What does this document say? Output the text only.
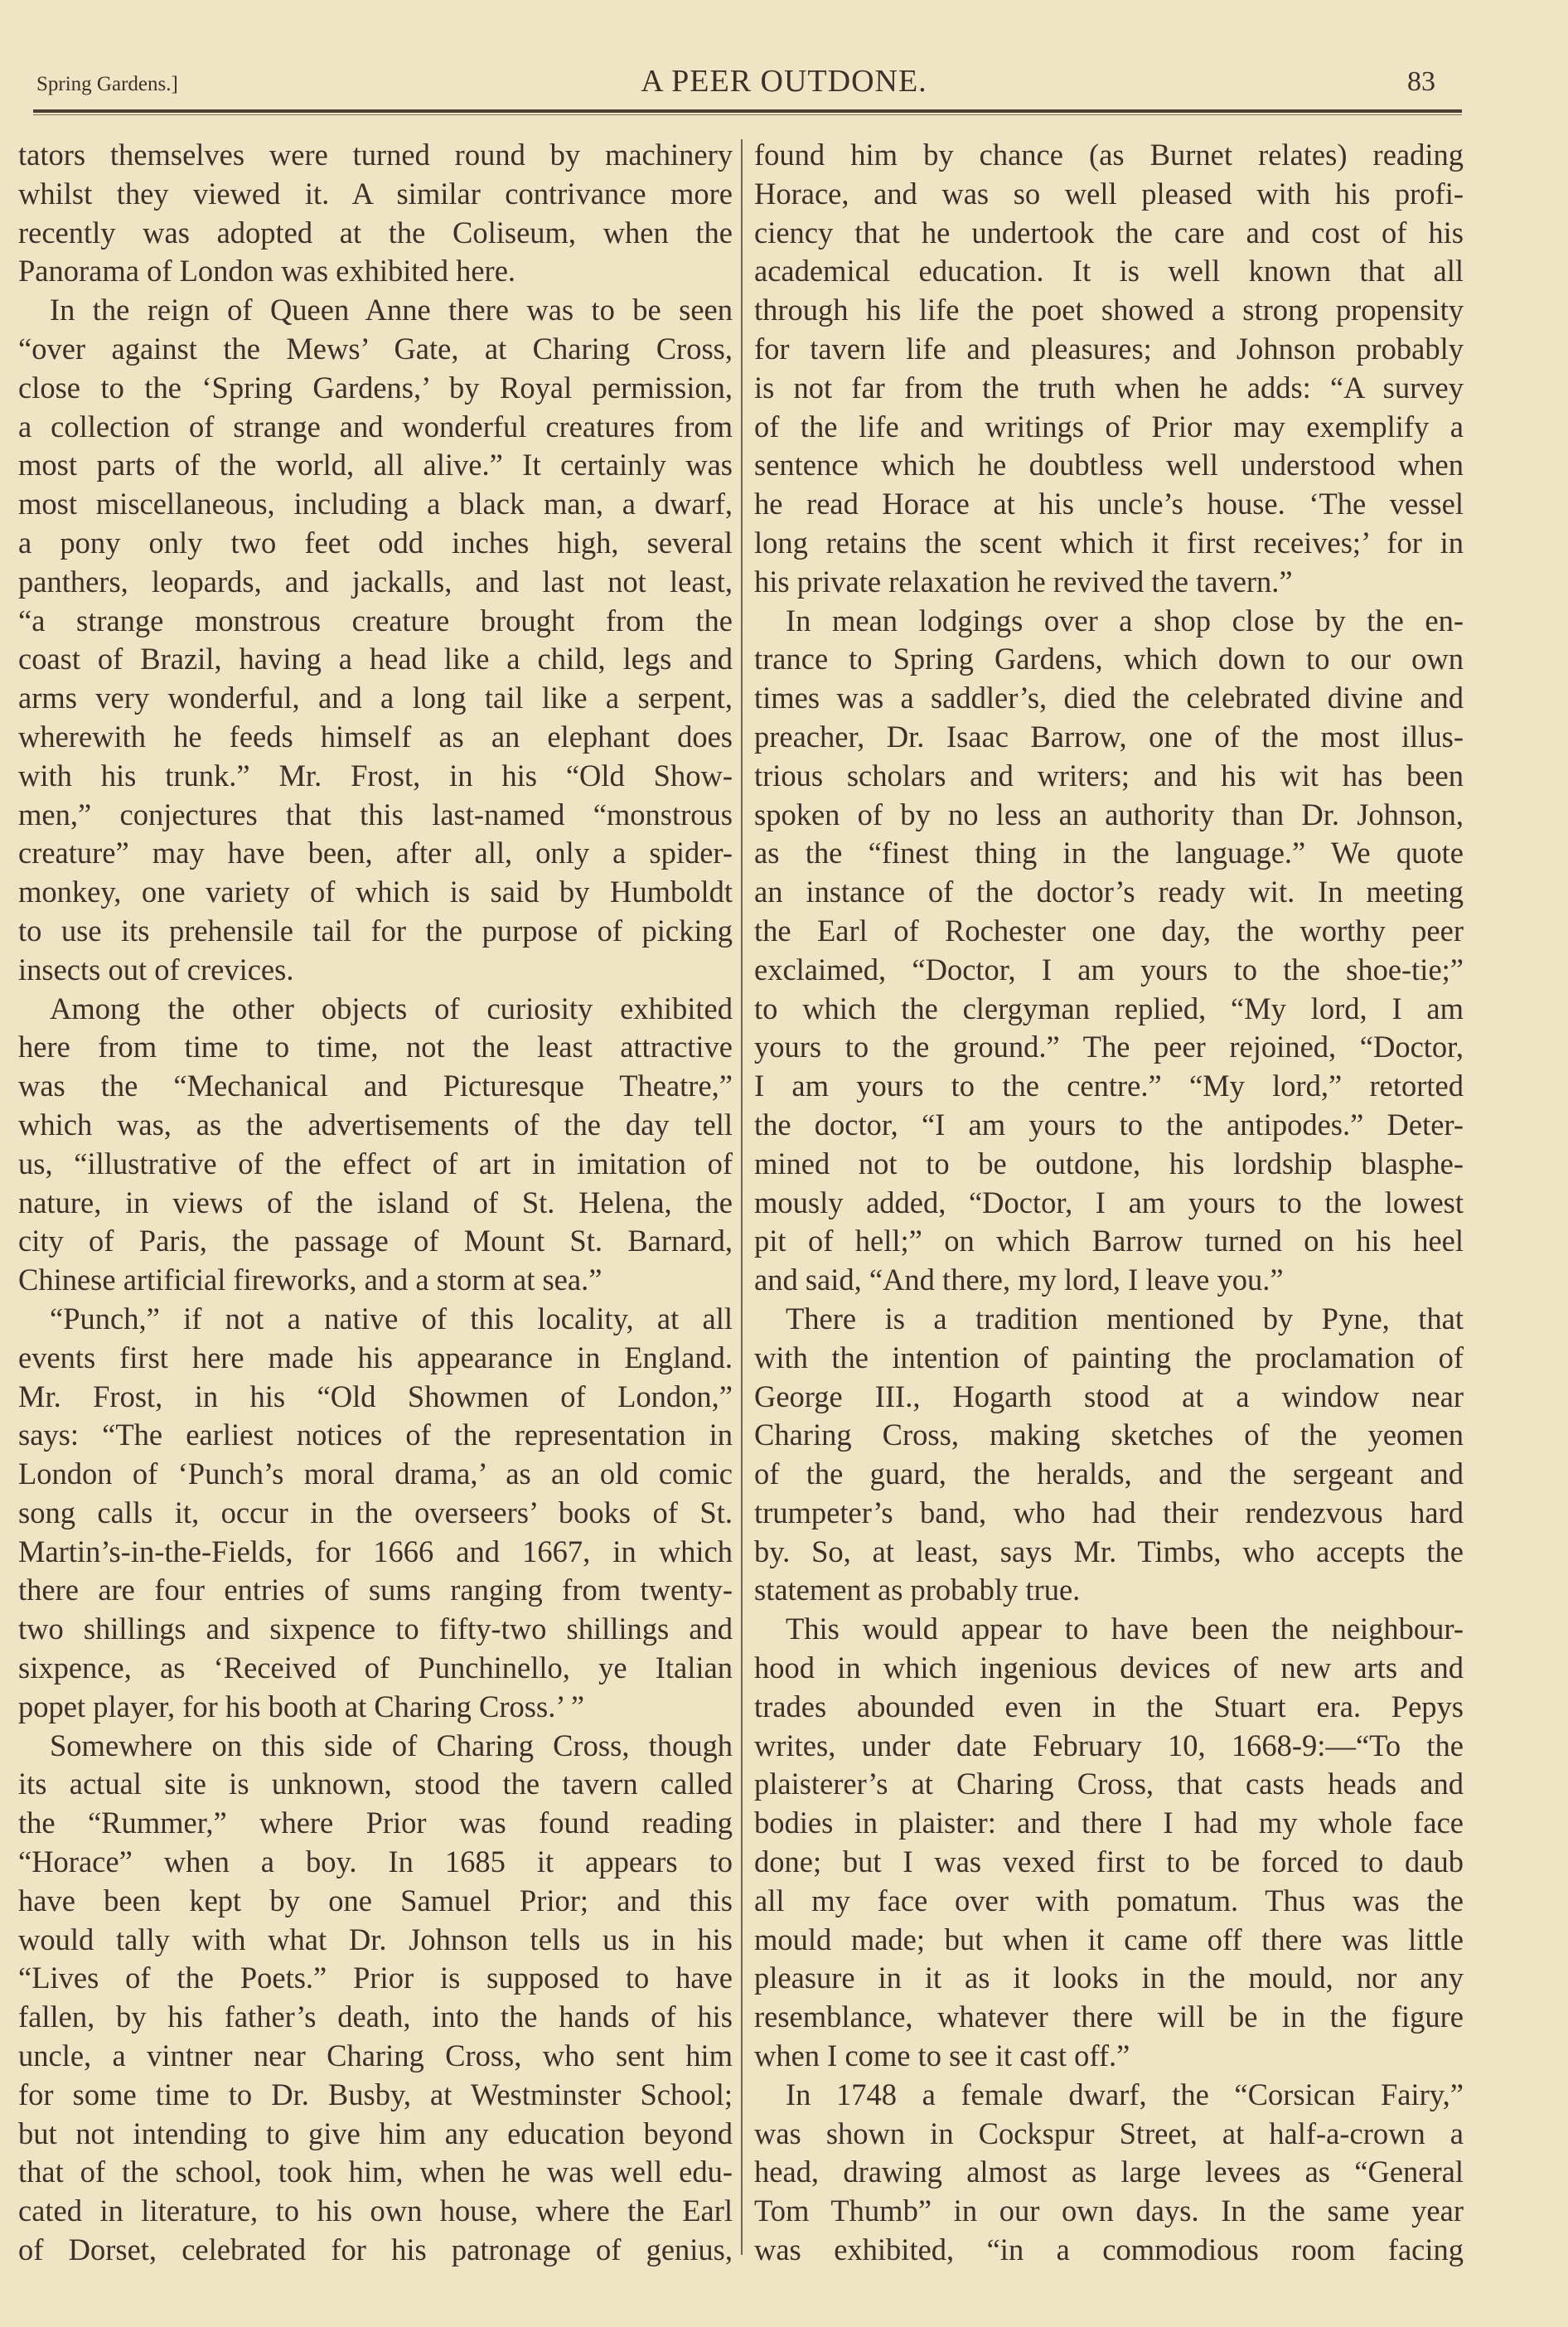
Spring Gardens.]	A PEER OUTDONE.	83
tators themselves were turned round by machinery
whilst they viewed it. A similar contrivance more
recently was adopted at the Coliseum, when the
Panorama of London was exhibited here.
In the reign of Queen Anne there was to be seen
“over against the Mews’ Gate, at Charing Cross,
close to the ‘Spring Gardens,’ by Royal permission,
a collection of strange and wonderful creatures from
most parts of the world, all alive.” It certainly was
most miscellaneous, including a black man, a dwarf,
a pony only two feet odd inches high, several
panthers, leopards, and jackalls, and last not least,
“a strange monstrous creature brought from the
coast of Brazil, having a head like a child, legs and
arms very wonderful, and a long tail like a serpent,
wherewith he feeds himself as an elephant does
with his trunk.” Mr. Frost, in his “Old Show-
men,” conjectures that this last-named “monstrous
creature” may have been, after all, only a spider-
monkey, one variety of which is said by Humboldt
to use its prehensile tail for the purpose of picking
insects out of crevices.
Among the other objects of curiosity exhibited
here from time to time, not the least attractive
was the “Mechanical and Picturesque Theatre,”
which was, as the advertisements of the day tell
us, “illustrative of the effect of art in imitation of
nature, in views of the island of St. Helena, the
city of Paris, the passage of Mount St. Barnard,
Chinese artificial fireworks, and a storm at sea.”
“Punch,” if not a native of this locality, at all
events first here made his appearance in England.
Mr. Frost, in his “Old Showmen of London,”
says: “The earliest notices of the representation in
London of ‘Punch’s moral drama,’ as an old comic
song calls it, occur in the overseers’ books of St.
Martin’s-in-the-Fields, for 1666 and 1667, in which
there are four entries of sums ranging from twenty-
two shillings and sixpence to fifty-two shillings and
sixpence, as ‘Received of Punchinello, ye Italian
popet player, for his booth at Charing Cross.’ ”
Somewhere on this side of Charing Cross, though
its actual site is unknown, stood the tavern called
the “Rummer,” where Prior was found reading
“Horace” when a boy. In 1685 it appears to
have been kept by one Samuel Prior; and this
would tally with what Dr. Johnson tells us in his
“Lives of the Poets.” Prior is supposed to have
fallen, by his father’s death, into the hands of his
uncle, a vintner near Charing Cross, who sent him
for some time to Dr. Busby, at Westminster School;
but not intending to give him any education beyond
that of the school, took him, when he was well edu-
cated in literature, to his own house, where the Earl
of Dorset, celebrated for his patronage of genius,
found him by chance (as Burnet relates) reading
Horace, and was so well pleased with his profi-
ciency that he undertook the care and cost of his
academical education. It is well known that all
through his life the poet showed a strong propensity
for tavern life and pleasures; and Johnson probably
is not far from the truth when he adds: “A survey
of the life and writings of Prior may exemplify a
sentence which he doubtless well understood when
he read Horace at his uncle’s house. ‘The vessel
long retains the scent which it first receives;’ for in
his private relaxation he revived the tavern.”
In mean lodgings over a shop close by the en-
trance to Spring Gardens, which down to our own
times was a saddler’s, died the celebrated divine and
preacher, Dr. Isaac Barrow, one of the most illus-
trious scholars and writers; and his wit has been
spoken of by no less an authority than Dr. Johnson,
as the “finest thing in the language.” We quote
an instance of the doctor’s ready wit. In meeting
the Earl of Rochester one day, the worthy peer
exclaimed, “Doctor, I am yours to the shoe-tie;”
to which the clergyman replied, “My lord, I am
yours to the ground.” The peer rejoined, “Doctor,
I am yours to the centre.” “My lord,” retorted
the doctor, “I am yours to the antipodes.” Deter-
mined not to be outdone, his lordship blasphe-
mously added, “Doctor, I am yours to the lowest
pit of hell;” on which Barrow turned on his heel
and said, “And there, my lord, I leave you.”
There is a tradition mentioned by Pyne, that
with the intention of painting the proclamation of
George III., Hogarth stood at a window near
Charing Cross, making sketches of the yeomen
of the guard, the heralds, and the sergeant and
trumpeter’s band, who had their rendezvous hard
by. So, at least, says Mr. Timbs, who accepts the
statement as probably true.
This would appear to have been the neighbour-
hood in which ingenious devices of new arts and
trades abounded even in the Stuart era. Pepys
writes, under date February 10, 1668-9:—“To the
plaisterer’s at Charing Cross, that casts heads and
bodies in plaister: and there I had my whole face
done; but I was vexed first to be forced to daub
all my face over with pomatum. Thus was the
mould made; but when it came off there was little
pleasure in it as it looks in the mould, nor any
resemblance, whatever there will be in the figure
when I come to see it cast off.”
In 1748 a female dwarf, the “Corsican Fairy,”
was shown in Cockspur Street, at half-a-crown a
head, drawing almost as large levees as “General
Tom Thumb” in our own days. In the same year
was exhibited, “in a commodious room facing
